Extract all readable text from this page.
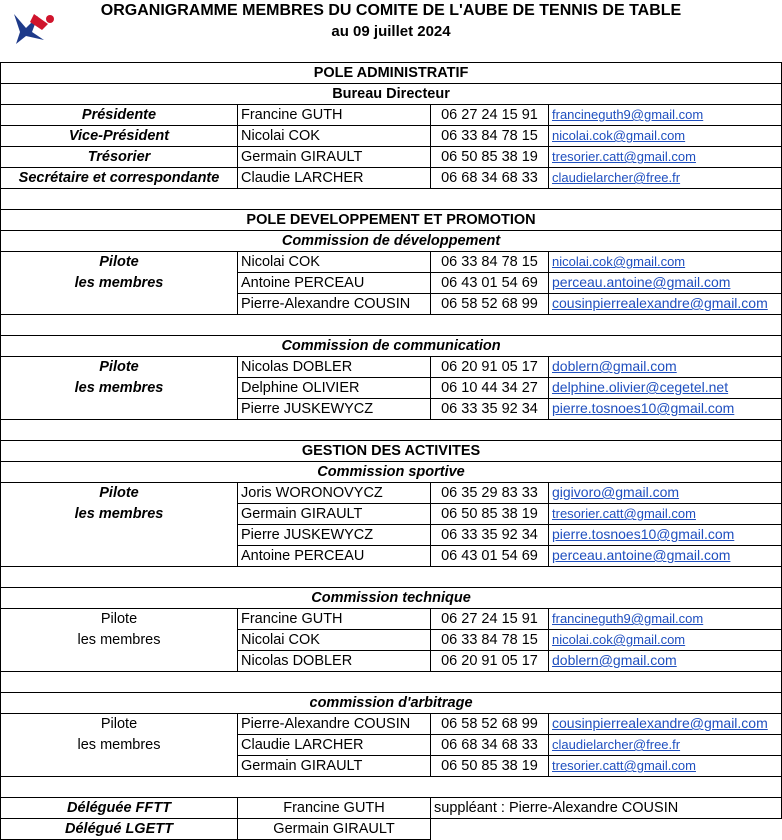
ORGANIGRAMME MEMBRES DU COMITE DE L'AUBE DE TENNIS DE TABLE
au 09 juillet 2024
POLE ADMINISTRATIF			
Bureau Directeur			
Présidente	Francine GUTH	06 27 24 15 91	francineguth9@gmail.com
Vice-Président	Nicolai COK	06 33 84 78 15	nicolai.cok@gmail.com
Trésorier	Germain GIRAULT	06 50 85 38 19	tresorier.catt@gmail.com
Secrétaire et correspondante	Claudie LARCHER	06 68 34 68 33	claudielarcher@free.fr

POLE DEVELOPPEMENT ET PROMOTION			
Commission de développement			
Pilote	Nicolai COK	06 33 84 78 15	nicolai.cok@gmail.com
les membres	Antoine PERCEAU	06 43 01 54 69	perceau.antoine@gmail.com
	Pierre-Alexandre COUSIN	06 58 52 68 99	cousinpierrealexandre@gmail.com

Commission de communication			
Pilote	Nicolas DOBLER	06 20 91 05 17	doblern@gmail.com
les membres	Delphine OLIVIER	06 10 44 34 27	delphine.olivier@cegetel.net
	Pierre JUSKEWYCZ	06 33 35 92 34	pierre.tosnoes10@gmail.com

GESTION DES ACTIVITES			
Commission sportive			
Pilote	Joris WORONOVYCZ	06 35 29 83 33	gigivoro@gmail.com
les membres	Germain GIRAULT	06 50 85 38 19	tresorier.catt@gmail.com
	Pierre JUSKEWYCZ	06 33 35 92 34	pierre.tosnoes10@gmail.com
	Antoine PERCEAU	06 43 01 54 69	perceau.antoine@gmail.com

Commission technique			
Pilote	Francine GUTH	06 27 24 15 91	francineguth9@gmail.com
les membres	Nicolai COK	06 33 84 78 15	nicolai.cok@gmail.com
	Nicolas DOBLER	06 20 91 05 17	doblern@gmail.com

commission d'arbitrage			
Pilote	Pierre-Alexandre COUSIN	06 58 52 68 99	cousinpierrealexandre@gmail.com
les membres	Claudie LARCHER	06 68 34 68 33	claudielarcher@free.fr
	Germain GIRAULT	06 50 85 38 19	tresorier.catt@gmail.com

Déléguée FFTT	Francine GUTH	suppléant : Pierre-Alexandre COUSIN	
Délégué LGETT	Germain GIRAULT		
